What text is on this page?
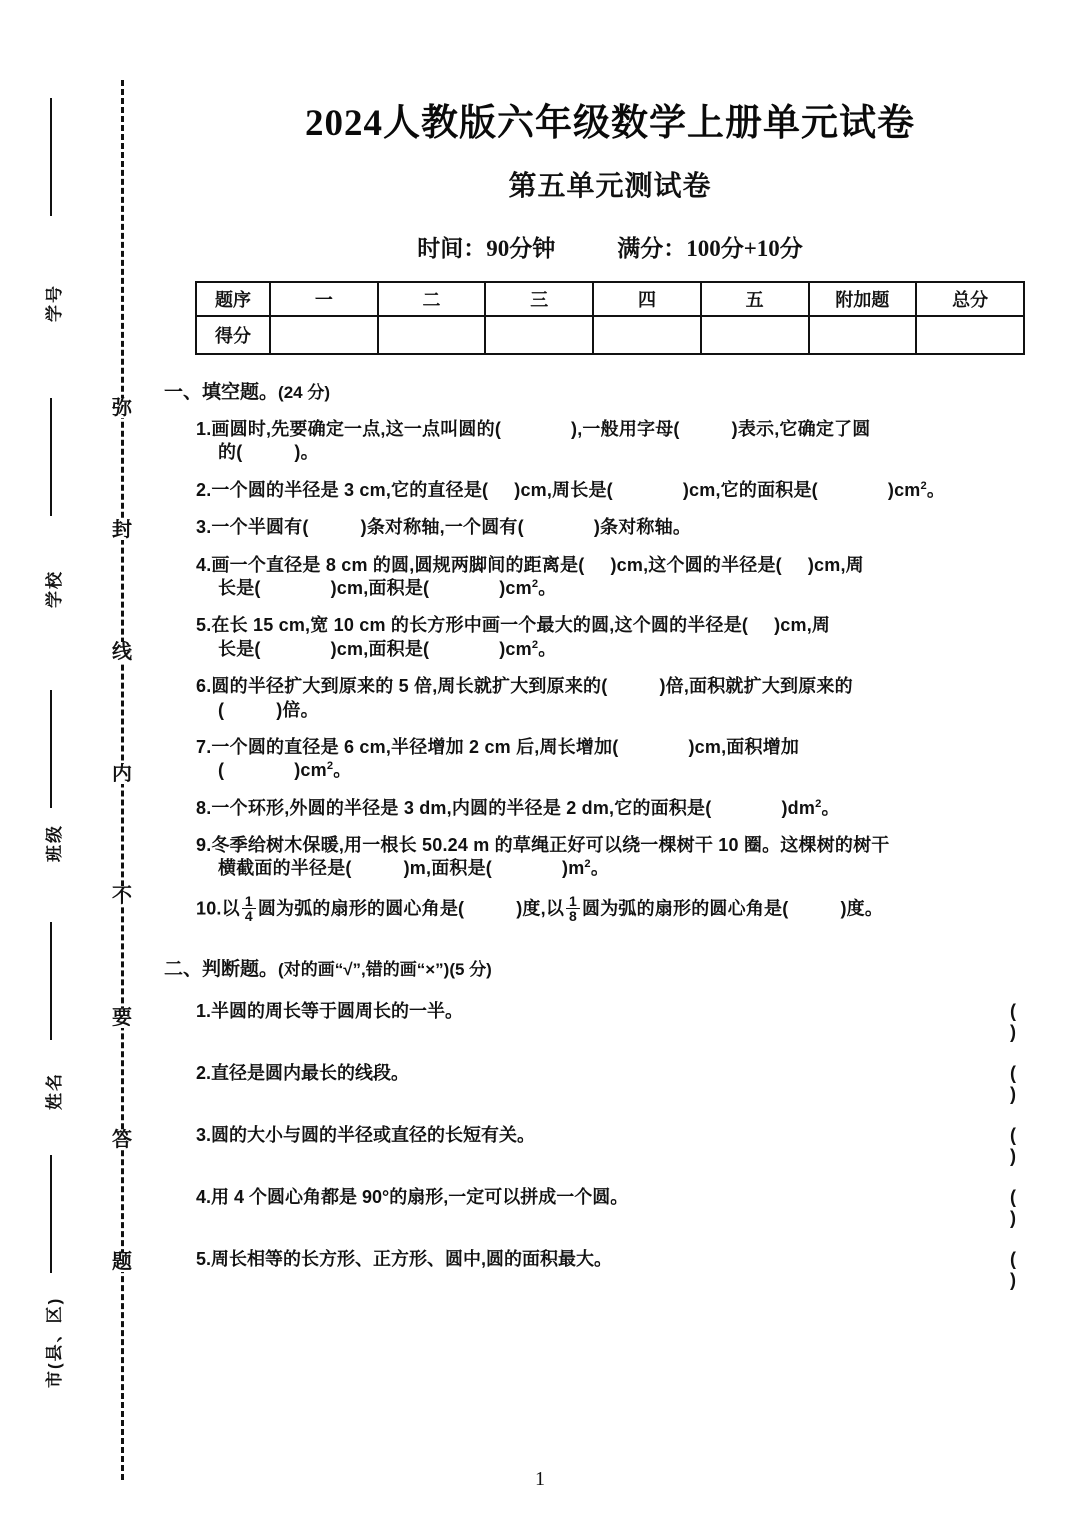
学号
学校
班级
姓名
市(县、区)
弥
封
线
内
不
要
答
题
2024人教版六年级数学上册单元试卷
第五单元测试卷
时间：90分钟	满分：100分+10分
题序	一	二	三	四	五	附加题	总分
得分							
一、填空题。(24 分)
1.画圆时,先要确定一点,这一点叫圆的(	),一般用字母(	)表示,它确定了圆
的(	)。
2.一个圆的半径是 3 cm,它的直径是( )cm,周长是(	)cm,它的面积是(	)$cm^2$。
3.一个半圆有(	)条对称轴,一个圆有(	)条对称轴。
4.画一个直径是 8 cm 的圆,圆规两脚间的距离是( )cm,这个圆的半径是( )cm,周
长是(	)cm,面积是(	)$cm^2$。
5.在长 15 cm,宽 10 cm 的长方形中画一个最大的圆,这个圆的半径是( )cm,周
长是(	)cm,面积是(	)$cm^2$。
6.圆的半径扩大到原来的 5 倍,周长就扩大到原来的(	)倍,面积就扩大到原来的
(	)倍。
7.一个圆的直径是 6 cm,半径增加 2 cm 后,周长增加(	)cm,面积增加
(	)$cm^2$。
8.一个环形,外圆的半径是 3 dm,内圆的半径是 2 dm,它的面积是(	)$dm^2$。
9.冬季给树木保暖,用一根长 50.24 m 的草绳正好可以绕一棵树干 10 圈。这棵树的树干
横截面的半径是(	)m,面积是(	)$m^2$。
10.以 $\frac{1}{4}$ 圆为弧的扇形的圆心角是(	)度,以 $\frac{1}{8}$ 圆为弧的扇形的圆心角是(	)度。
二、判断题。(对的画“√”,错的画“×”)(5 分)
1. 半圆的周长等于圆周长的一半。	( )
2. 直径是圆内最长的线段。	( )
3. 圆的大小与圆的半径或直径的长短有关。	( )
4. 用 4 个圆心角都是 90°的扇形,一定可以拼成一个圆。	( )
5. 周长相等的长方形、正方形、圆中,圆的面积最大。	( )
1
